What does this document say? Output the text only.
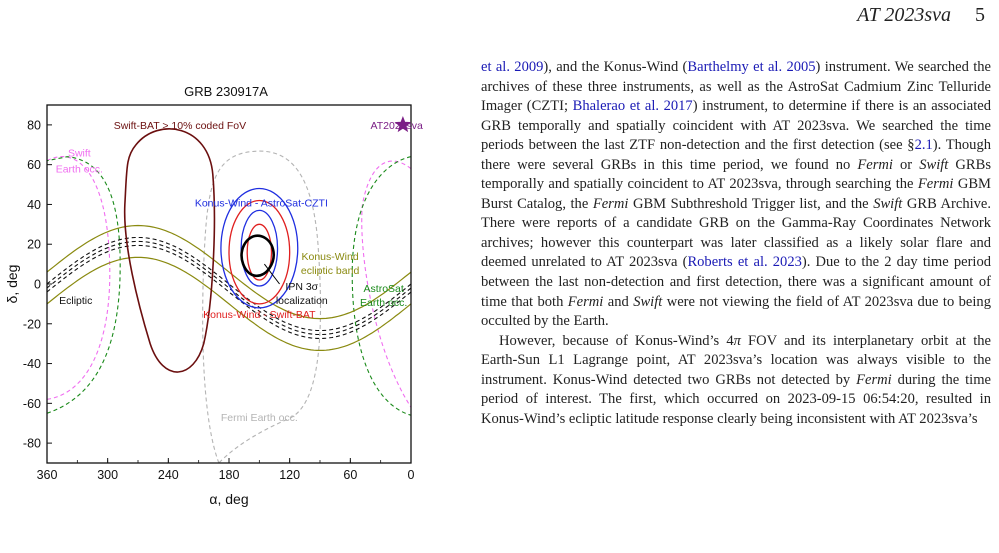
AT 2023sva 5
GRB 230917A
360	300	240	180	120	60	0
80
60
40
20
0
-20
-40
-60
-80
α, deg
δ, deg
Swift-BAT > 10% coded FoV	AT2023sva
Swift
Earth occ.
Konus-Wind - AstroSat-CZTI
Konus-Wind
ecliptic band
IPN 3σ
localization
AstroSat
Earth occ.
Ecliptic
Konus-Wind - Swift-BAT
Fermi Earth occ.

et al. 2009), and the Konus-Wind (Barthelmy et al. 2005) instrument. We searched the archives of these three instruments, as well as the AstroSat Cadmium Zinc Telluride Imager (CZTI; Bhalerao et al. 2017) instrument, to determine if there is an associated GRB temporally and spatially coincident with AT 2023sva. We searched the time periods between the last ZTF non-detection and the first detection (see §2.1). Though there were several GRBs in this time period, we found no Fermi or Swift GRBs temporally and spatially coincident to AT 2023sva, through searching the Fermi GBM Burst Catalog, the Fermi GBM Subthreshold Trigger list, and the Swift GRB Archive. There were reports of a candidate GRB on the Gamma-Ray Coordinates Network archives; however this counterpart was later classified as a likely solar flare and deemed unrelated to AT 2023sva (Roberts et al. 2023). Due to the 2 day time period between the last non-detection and first detection, there was a significant amount of time that both Fermi and Swift were not viewing the field of AT 2023sva due to being occulted by the Earth.

However, because of Konus-Wind’s 4π FOV and its interplanetary orbit at the Earth-Sun L1 Lagrange point, AT 2023sva’s location was always visible to the instrument. Konus-Wind detected two GRBs not detected by Fermi during the time period of interest. The first, which occurred on 2023-09-15 06:54:20, resulted in Konus-Wind’s ecliptic latitude response clearly being inconsistent with AT 2023sva’s
